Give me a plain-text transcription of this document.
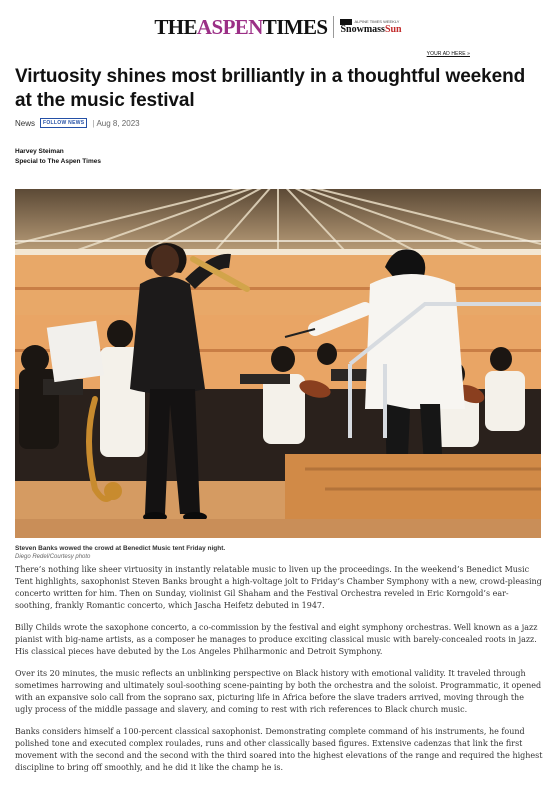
THEASPENTIMES	ALPINE TIMES WEEKLY
SnowmassSun
YOUR AD HERE »
Virtuosity shines most brilliantly in a thoughtful weekend at the music festival
News	FOLLOW NEWS	| Aug 8, 2023
Harvey Steiman
Special to The Aspen Times
Steven Banks wowed the crowd at Benedict Music tent Friday night.
Diego Redel/Courtesy photo

There’s nothing like sheer virtuosity in instantly relatable music to liven up the proceedings. In the weekend’s Benedict Music Tent highlights, saxophonist Steven Banks brought a high-voltage jolt to Friday’s Chamber Symphony with a new, crowd-pleasing concerto written for him. Then on Sunday, violinist Gil Shaham and the Festival Orchestra reveled in Eric Korngold’s ear-soothing, frankly Romantic concerto, which Jascha Heifetz debuted in 1947.

Billy Childs wrote the saxophone concerto, a co-commission by the festival and eight symphony orchestras. Well known as a jazz pianist with big-name artists, as a composer he manages to produce exciting classical music with barely-concealed roots in jazz. His classical pieces have debuted by the Los Angeles Philharmonic and Detroit Symphony.

Over its 20 minutes, the music reflects an unblinking perspective on Black history with emotional validity. It traveled through sometimes harrowing and ultimately soul-soothing scene-painting by both the orchestra and the soloist. Programmatic, it opened with an expansive solo call from the soprano sax, picturing life in Africa before the slave traders arrived, moving through the ugly process of the middle passage and slavery, and coming to rest with rich references to Black church music.

Banks considers himself a 100-percent classical saxophonist. Demonstrating complete command of his instruments, he found polished tone and executed complex roulades, runs and other classically based figures. Extensive cadenzas that link the first movement with the second and the second with the third soared into the highest elevations of the range and required the highest discipline to bring off smoothly, and he did it like the champ he is.
